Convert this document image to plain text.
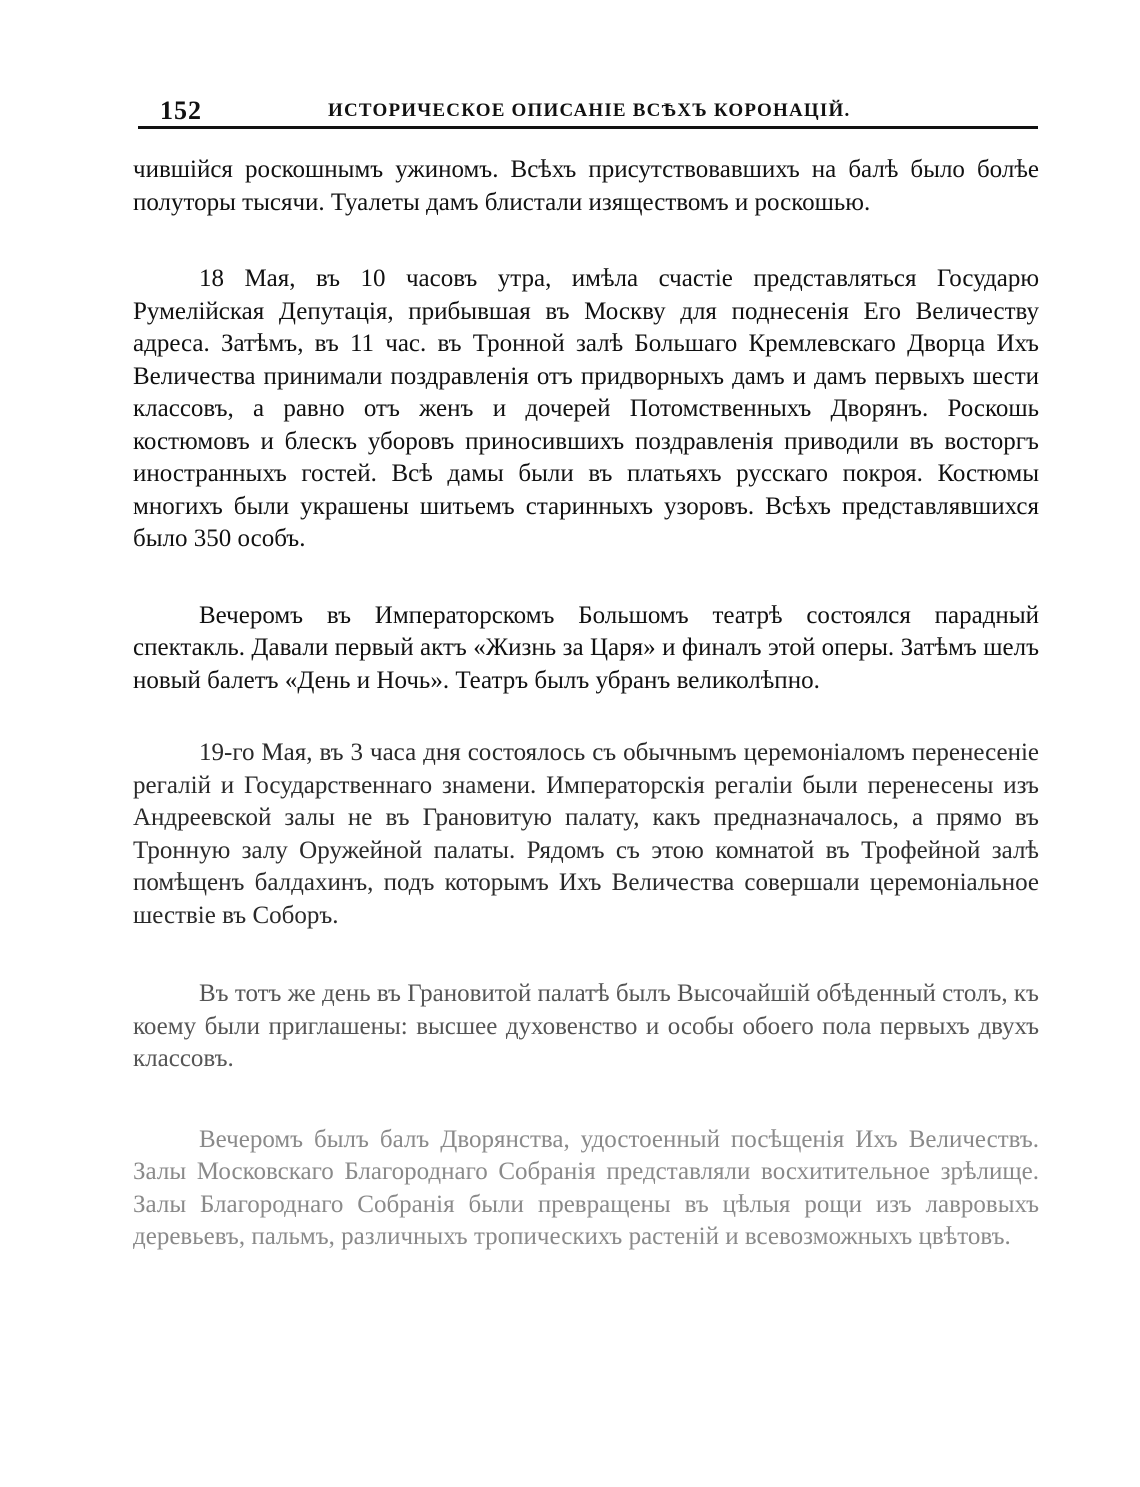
152	ИСТОРИЧЕСКОЕ ОПИСАНІЕ ВСѢХЪ КОРОНАЦІЙ.

чившійся роскошнымъ ужиномъ. Всѣхъ присутствовавшихъ на балѣ было болѣе полуторы тысячи. Туалеты дамъ блистали изяществомъ и роскошью.

18 Мая, въ 10 часовъ утра, имѣла счастіе представляться Государю Румелійская Депутація, прибывшая въ Москву для поднесенія Его Величеству адреса. Затѣмъ, въ 11 час. въ Тронной залѣ Большаго Кремлевскаго Дворца Ихъ Величества принимали поздравленія отъ придворныхъ дамъ и дамъ первыхъ шести классовъ, а равно отъ женъ и дочерей Потомственныхъ Дворянъ. Роскошь костюмовъ и блескъ уборовъ приносившихъ поздравленія приводили въ восторгъ иностранныхъ гостей. Всѣ дамы были въ платьяхъ русскаго покроя. Костюмы многихъ были украшены шитьемъ старинныхъ узоровъ. Всѣхъ представлявшихся было 350 особъ.

Вечеромъ въ Императорскомъ Большомъ театрѣ состоялся парадный спектакль. Давали первый актъ «Жизнь за Царя» и финалъ этой оперы. Затѣмъ шелъ новый балетъ «День и Ночь». Театръ былъ убранъ великолѣпно.

19-го Мая, въ 3 часа дня состоялось съ обычнымъ церемоніаломъ перенесеніе регалій и Государственнаго знамени. Императорскія регаліи были перенесены изъ Андреевской залы не въ Грановитую палату, какъ предназначалось, а прямо въ Тронную залу Оружейной палаты. Рядомъ съ этою комнатой въ Трофейной залѣ помѣщенъ балдахинъ, подъ которымъ Ихъ Величества совершали церемоніальное шествіе въ Соборъ.

Въ тотъ же день въ Грановитой палатѣ былъ Высочайшій обѣденный столъ, къ коему были приглашены: высшее духовенство и особы обоего пола первыхъ двухъ классовъ.

Вечеромъ былъ балъ Дворянства, удостоенный посѣщенія Ихъ Величествъ. Залы Московскаго Благороднаго Собранія представляли восхитительное зрѣлище. Залы Благороднаго Собранія были превращены въ цѣлыя рощи изъ лавровыхъ деревьевъ, пальмъ, различныхъ тропическихъ растеній и всевозможныхъ цвѣтовъ.
